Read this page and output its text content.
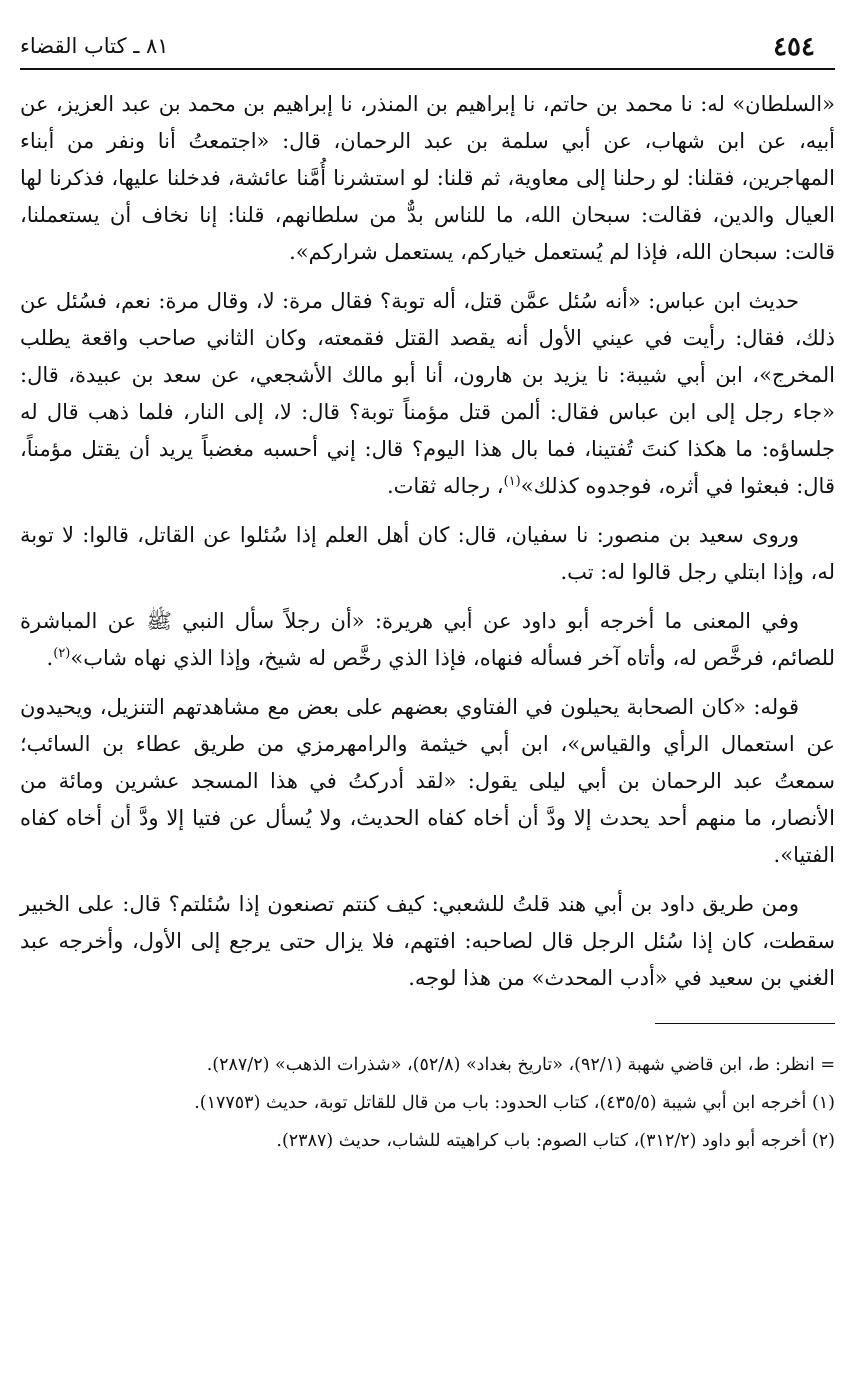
٤٥٤
٨١ ـ كتاب القضاء

«السلطان» له: نا محمد بن حاتم، نا إبراهيم بن المنذر، نا إبراهيم بن محمد بن عبد العزيز، عن أبيه، عن ابن شهاب، عن أبي سلمة بن عبد الرحمان، قال: «اجتمعتُ أنا ونفر من أبناء المهاجرين، فقلنا: لو رحلنا إلى معاوية، ثم قلنا: لو استشرنا أُمَّنا عائشة، فدخلنا عليها، فذكرنا لها العيال والدين، فقالت: سبحان الله، ما للناس بدٌّ من سلطانهم، قلنا: إنا نخاف أن يستعملنا، قالت: سبحان الله، فإذا لم يُستعمل خياركم، يستعمل شراركم».

حديث ابن عباس: «أنه سُئل عمَّن قتل، أله توبة؟ فقال مرة: لا، وقال مرة: نعم، فسُئل عن ذلك، فقال: رأيت في عيني الأول أنه يقصد القتل فقمعته، وكان الثاني صاحب واقعة يطلب المخرج»، ابن أبي شيبة: نا يزيد بن هارون، أنا أبو مالك الأشجعي، عن سعد بن عبيدة، قال: «جاء رجل إلى ابن عباس فقال: ألمن قتل مؤمناً توبة؟ قال: لا، إلى النار، فلما ذهب قال له جلساؤه: ما هكذا كنتَ تُفتينا، فما بال هذا اليوم؟ قال: إني أحسبه مغضباً يريد أن يقتل مؤمناً، قال: فبعثوا في أثره، فوجدوه كذلك»$^{(١)}$، رجاله ثقات.

وروى سعيد بن منصور: نا سفيان، قال: كان أهل العلم إذا سُئلوا عن القاتل، قالوا: لا توبة له، وإذا ابتلي رجل قالوا له: تب.

وفي المعنى ما أخرجه أبو داود عن أبي هريرة: «أن رجلاً سأل النبي ﷺ عن المباشرة للصائم، فرخَّص له، وأتاه آخر فسأله فنهاه، فإذا الذي رخَّص له شيخ، وإذا الذي نهاه شاب»$^{(٢)}$.

قوله: «كان الصحابة يحيلون في الفتاوي بعضهم على بعض مع مشاهدتهم التنزيل، ويحيدون عن استعمال الرأي والقياس»، ابن أبي خيثمة والرامهرمزي من طريق عطاء بن السائب؛ سمعتُ عبد الرحمان بن أبي ليلى يقول: «لقد أدركتُ في هذا المسجد عشرين ومائة من الأنصار، ما منهم أحد يحدث إلا ودَّ أن أخاه كفاه الحديث، ولا يُسأل عن فتيا إلا ودَّ أن أخاه كفاه الفتيا».

ومن طريق داود بن أبي هند قلتُ للشعبي: كيف كنتم تصنعون إذا سُئلتم؟ قال: على الخبير سقطت، كان إذا سُئل الرجل قال لصاحبه: افتهم، فلا يزال حتى يرجع إلى الأول، وأخرجه عبد الغني بن سعيد في «أدب المحدث» من هذا لوجه.

= انظر: ط، ابن قاضي شهبة (٩٢/١)، «تاريخ بغداد» (٥٢/٨)، «شذرات الذهب» (٢٨٧/٢).

(١) أخرجه ابن أبي شيبة (٤٣٥/٥)، كتاب الحدود: باب من قال للقاتل توبة، حديث (١٧٧٥٣).

(٢) أخرجه أبو داود (٣١٢/٢)، كتاب الصوم: باب كراهيته للشاب، حديث (٢٣٨٧).
